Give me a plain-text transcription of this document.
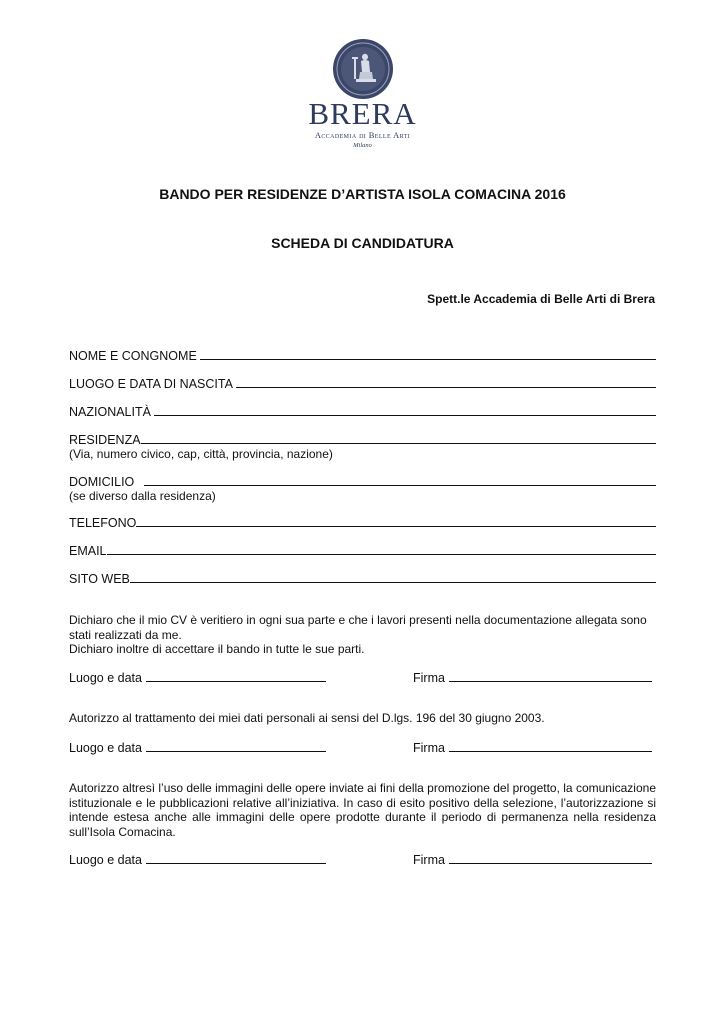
BRERA
Accademia di Belle Arti
Milano
BANDO PER RESIDENZE D’ARTISTA ISOLA COMACINA 2016
SCHEDA DI CANDIDATURA
Spett.le Accademia di Belle Arti di Brera
NOME E CONGNOME
LUOGO E DATA DI NASCITA
NAZIONALITÀ
RESIDENZA
(Via, numero civico, cap, città, provincia, nazione)
DOMICILIO
(se diverso dalla residenza)
TELEFONO
EMAIL
SITO WEB
Dichiaro che il mio CV è veritiero in ogni sua parte e che i lavori presenti nella documentazione allegata sono stati realizzati da me.
Dichiaro inoltre di accettare il bando in tutte le sue parti.
Luogo e data	Firma
Autorizzo al trattamento dei miei dati personali ai sensi del D.lgs. 196 del 30 giugno 2003.
Luogo e data	Firma
Autorizzo altresì l’uso delle immagini delle opere inviate ai fini della promozione del progetto, la comunicazione istituzionale e le pubblicazioni relative all’iniziativa. In caso di esito positivo della selezione, l’autorizzazione si intende estesa anche alle immagini delle opere prodotte durante il periodo di permanenza nella residenza sull’Isola Comacina.
Luogo e data	Firma
